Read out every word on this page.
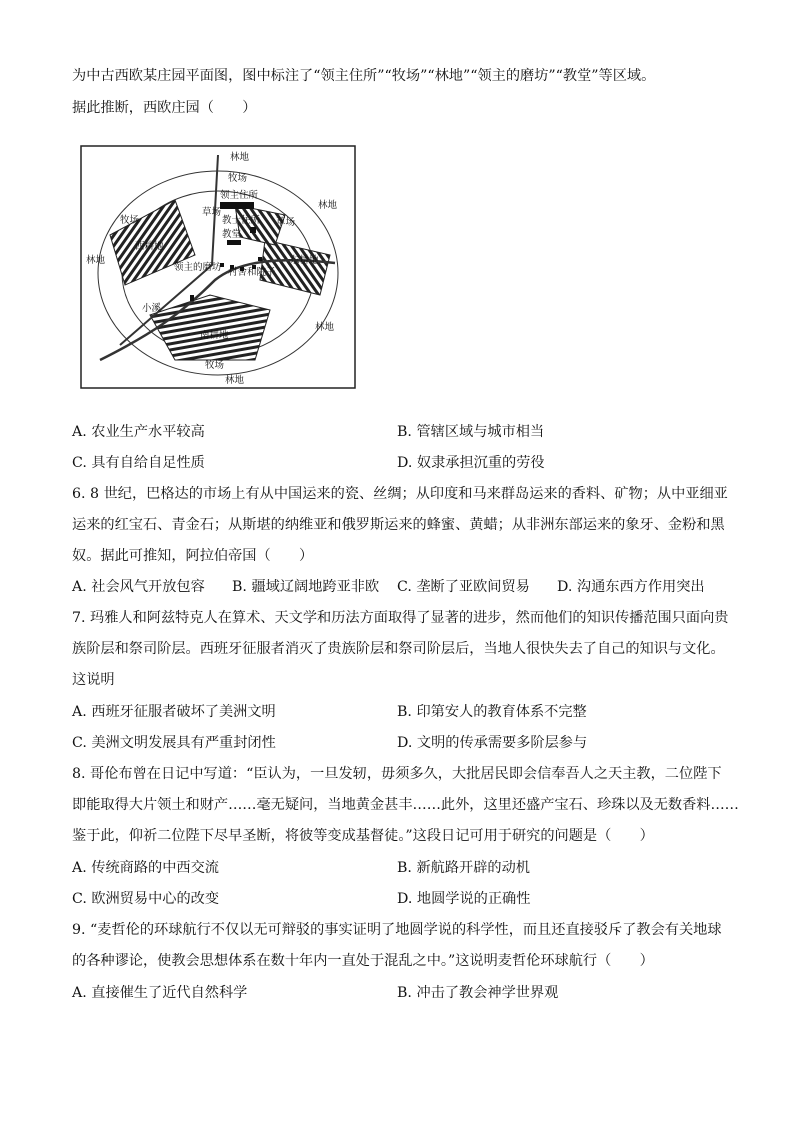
为中古西欧某庄园平面图，图中标注了“领主住所”“牧场”“林地”“领主的磨坊”“教堂”等区域。
据此推断，西欧庄园（　　）
林地
牧场
领主住所
草场
教士住所 草场
教堂
牧场
西耕地
林地
林地
领主的磨坊 村舍和院子
东耕地
小溪
林地
南耕地
牧场
林地
A. 农业生产水平较高	B. 管辖区域与城市相当
C. 具有自给自足性质	D. 奴隶承担沉重的劳役
6. 8 世纪，巴格达的市场上有从中国运来的瓷、丝绸；从印度和马来群岛运来的香料、矿物；从中亚细亚
运来的红宝石、青金石；从斯堪的纳维亚和俄罗斯运来的蜂蜜、黄蜡；从非洲东部运来的象牙、金粉和黑
奴。据此可推知，阿拉伯帝国（　　）
A. 社会风气开放包容 B. 疆域辽阔地跨亚非欧 C. 垄断了亚欧间贸易 D. 沟通东西方作用突出
7. 玛雅人和阿兹特克人在算术、天文学和历法方面取得了显著的进步，然而他们的知识传播范围只面向贵
族阶层和祭司阶层。西班牙征服者消灭了贵族阶层和祭司阶层后，当地人很快失去了自己的知识与文化。
这说明
A. 西班牙征服者破坏了美洲文明	B. 印第安人的教育体系不完整
C. 美洲文明发展具有严重封闭性	D. 文明的传承需要多阶层参与
8. 哥伦布曾在日记中写道：“臣认为，一旦发轫，毋须多久，大批居民即会信奉吾人之天主教，二位陛下
即能取得大片领土和财产……毫无疑问，当地黄金甚丰……此外，这里还盛产宝石、珍珠以及无数香料……
鉴于此，仰祈二位陛下尽早圣断，将彼等变成基督徒。”这段日记可用于研究的问题是（　　）
A. 传统商路的中西交流	B. 新航路开辟的动机
C. 欧洲贸易中心的改变	D. 地圆学说的正确性
9. “麦哲伦的环球航行不仅以无可辩驳的事实证明了地圆学说的科学性，而且还直接驳斥了教会有关地球
的各种谬论，使教会思想体系在数十年内一直处于混乱之中。”这说明麦哲伦环球航行（　　）
A. 直接催生了近代自然科学	B. 冲击了教会神学世界观
